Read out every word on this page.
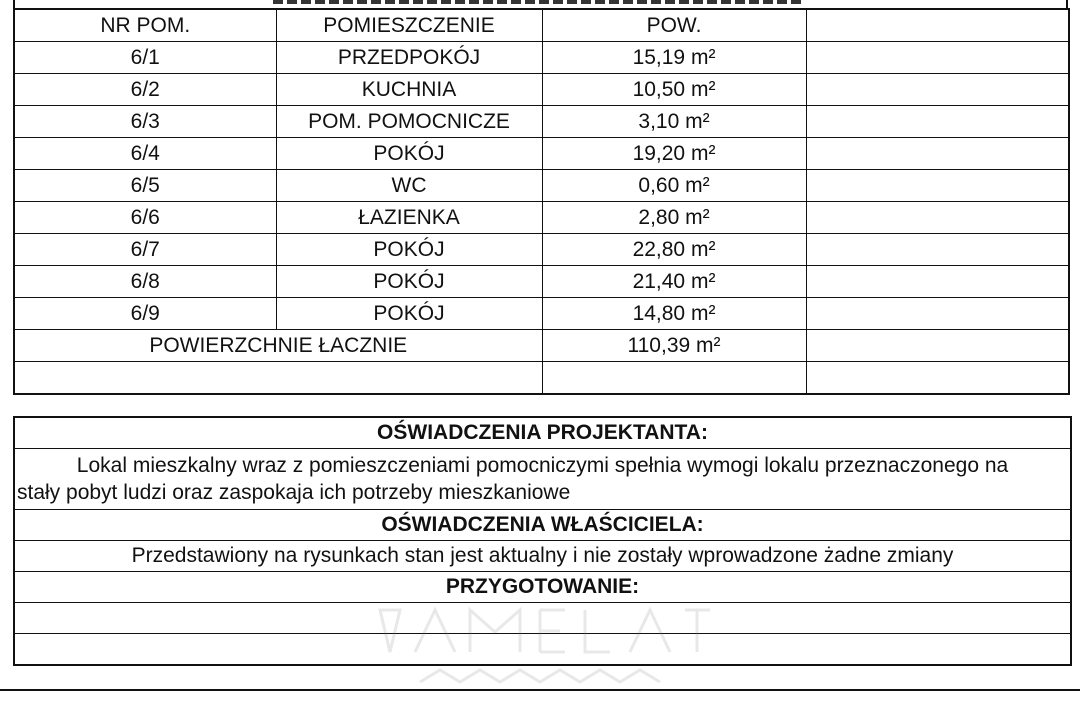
NR POM.	POMIESZCZENIE	POW.	
6/1	PRZEDPOKÓJ	15,19 m²	
6/2	KUCHNIA	10,50 m²	
6/3	POM. POMOCNICZE	3,10 m²	
6/4	POKÓJ	19,20 m²	
6/5	WC	0,60 m²	
6/6	ŁAZIENKA	2,80 m²	
6/7	POKÓJ	22,80 m²	
6/8	POKÓJ	21,40 m²	
6/9	POKÓJ	14,80 m²	
POWIERZCHNIE ŁACZNIE		110,39 m²	

OŚWIADCZENIA PROJEKTANTA:

Lokal mieszkalny wraz z pomieszczeniami pomocniczymi spełnia wymogi lokalu przeznaczonego na
stały pobyt ludzi oraz zaspokaja ich potrzeby mieszkaniowe

OŚWIADCZENIA WŁAŚCICIELA:
Przedstawiony na rysunkach stan jest aktualny i nie zostały wprowadzone żadne zmiany
PRZYGOTOWANIE:
